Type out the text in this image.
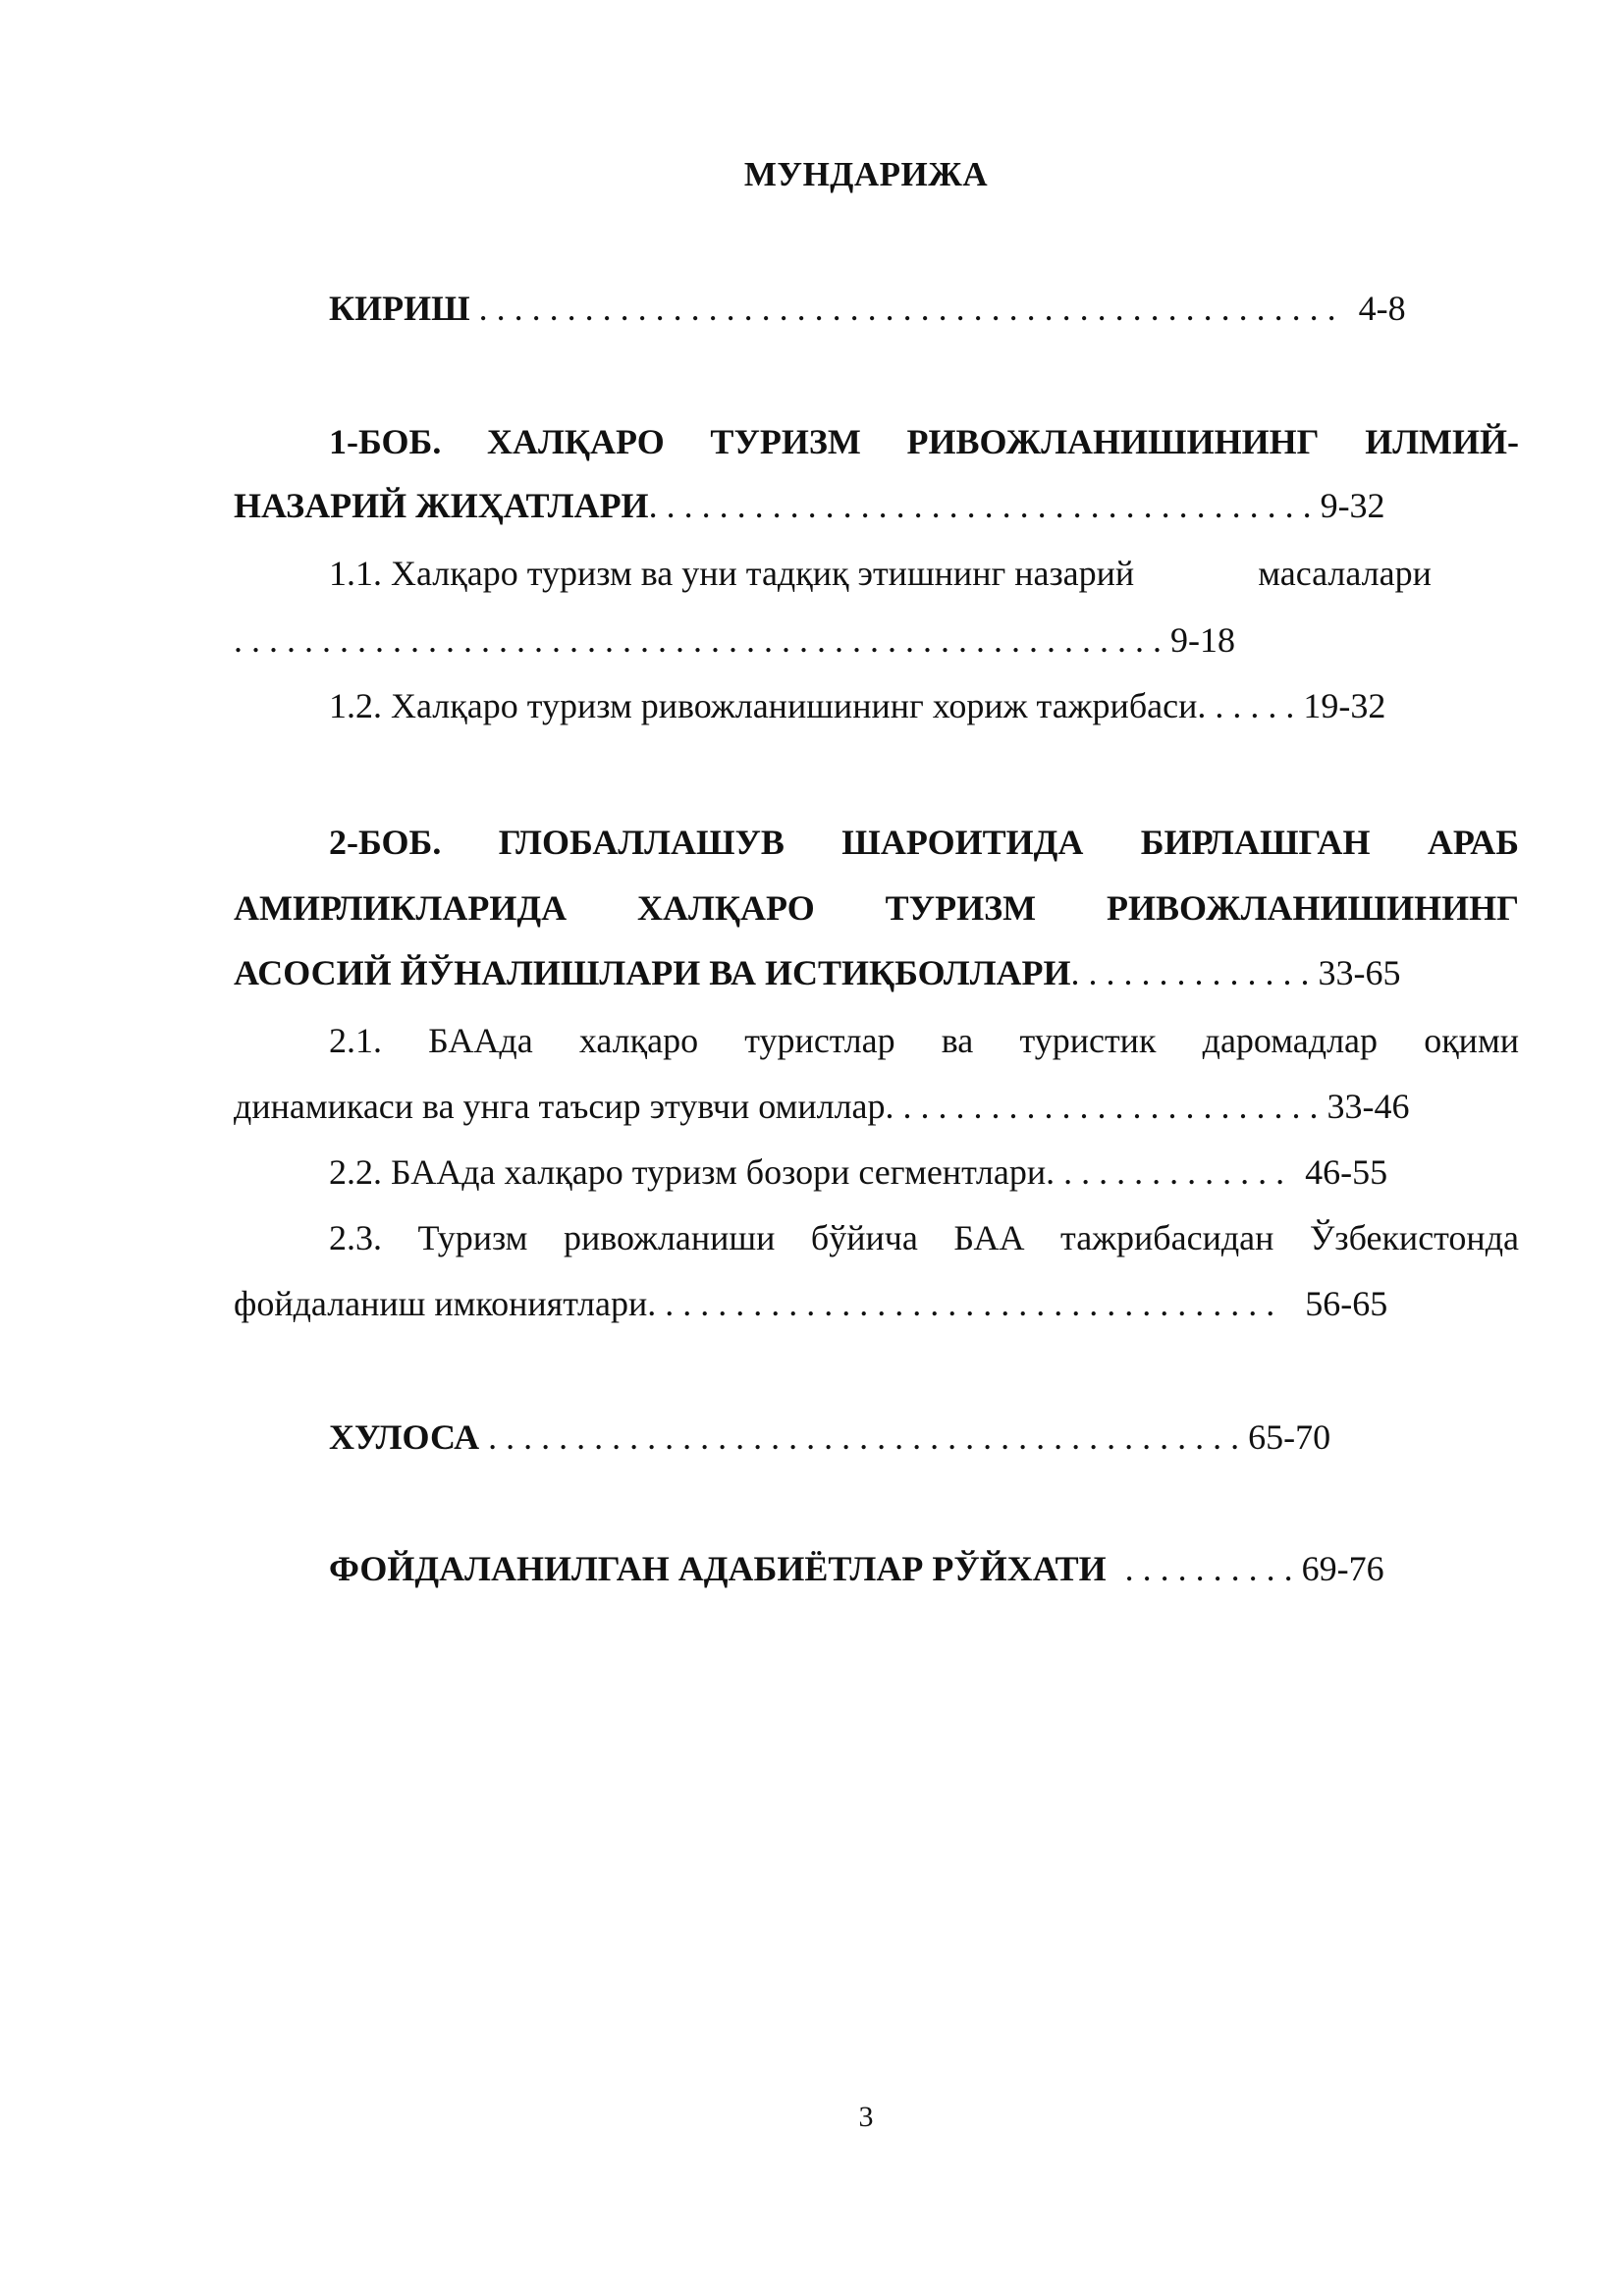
МУНДАРИЖА
КИРИШ . . . . . . . . . . . . . . . . . . . . . . . . . . . . . . . . . . . . . . . . . . . . . . . . . 4-8
1-БОБ. ХАЛҚАРО ТУРИЗМ РИВОЖЛАНИШИНИНГ ИЛМИЙ-
НАЗАРИЙ ЖИҲАТЛАРИ. . . . . . . . . . . . . . . . . . . . . . . . . . . . . . . . . . . . . . 9-32
1.1. Халқаро туризм ва уни тадқиқ этишнинг назарий              масалалари
. . . . . . . . . . . . . . . . . . . . . . . . . . . . . . . . . . . . . . . . . . . . . . . . . . . . . 9-18
1.2. Халқаро туризм ривожланишининг хориж тажрибаси. . . . . . 19-32
2-БОБ. ГЛОБАЛЛАШУВ ШАРОИТИДА БИРЛАШГАН АРАБ
АМИРЛИКЛАРИДА ХАЛҚАРО ТУРИЗМ РИВОЖЛАНИШИНИНГ
АСОСИЙ ЙЎНАЛИШЛАРИ ВА ИСТИҚБОЛЛАРИ. . . . . . . . . . . . . . 33-65
2.1. БААда халқаро туристлар ва туристик даромадлар оқими
динамикаси ва унга таъсир этувчи омиллар. . . . . . . . . . . . . . . . . . . . . . . . . 33-46
2.2. БААда халқаро туризм бозори сегментлари. . . . . . . . . . . . . . 46-55
2.3. Туризм ривожланиши бўйича БАА тажрибасидан Ўзбекистонда
фойдаланиш имкониятлари. . . . . . . . . . . . . . . . . . . . . . . . . . . . . . . . . . . . 56-65
ХУЛОСА . . . . . . . . . . . . . . . . . . . . . . . . . . . . . . . . . . . . . . . . . . . 65-70
ФОЙДАЛАНИЛГАН АДАБИЁТЛАР РЎЙХАТИ . . . . . . . . . . 69-76
3
